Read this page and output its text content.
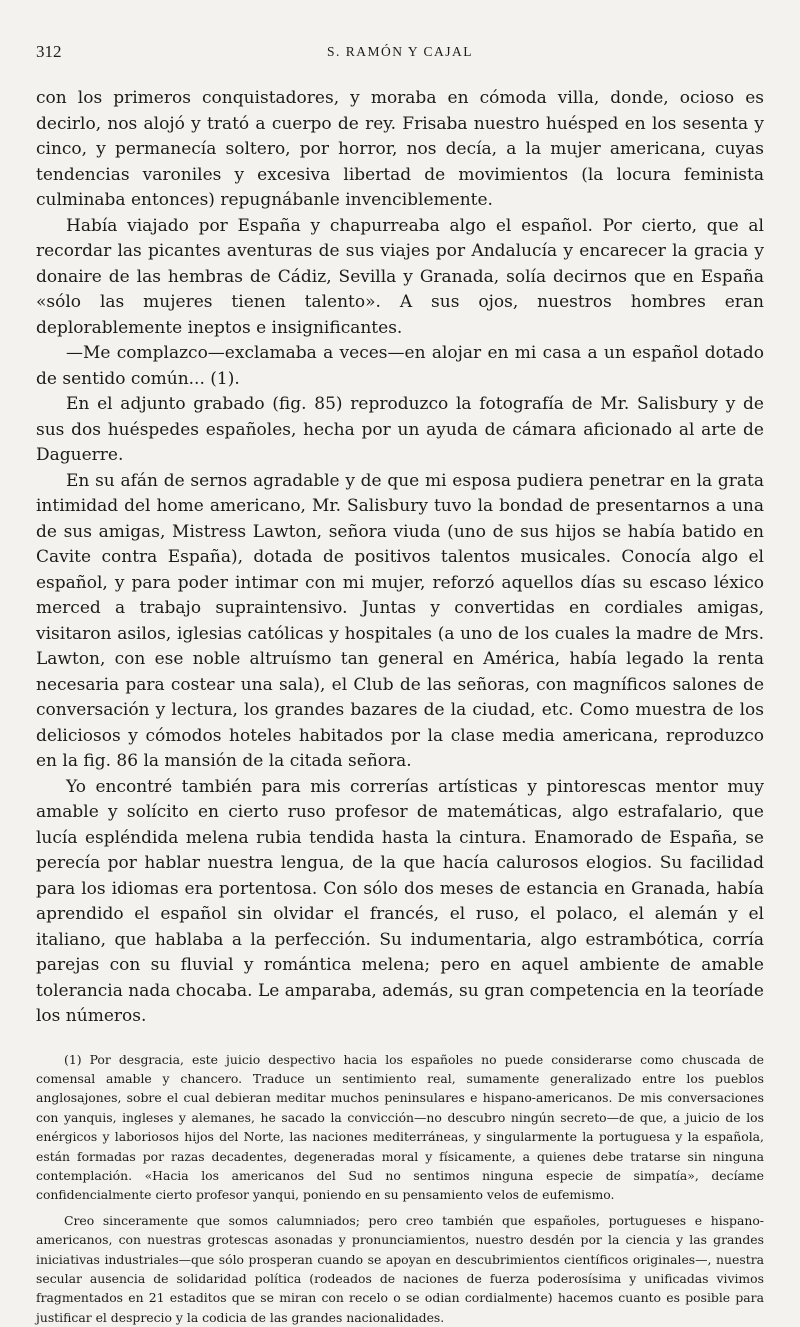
312	S. RAMÓN Y CAJAL

con los primeros conquistadores, y moraba en cómoda villa, donde, ocioso es decirlo, nos alojó y trató a cuerpo de rey. Frisaba nuestro huésped en los sesenta y cinco, y permanecía soltero, por horror, nos decía, a la mujer americana, cuyas tendencias varoniles y excesiva libertad de movimientos (la locura feminista culminaba entonces) repugnábanle invenciblemente.

Había viajado por España y chapurreaba algo el español. Por cierto, que al recordar las picantes aventuras de sus viajes por Andalucía y encarecer la gracia y donaire de las hembras de Cádiz, Sevilla y Granada, solía decirnos que en España «sólo las mujeres tienen talento». A sus ojos, nuestros hombres eran deplorablemente ineptos e insignificantes.

—Me complazco—exclamaba a veces—en alojar en mi casa a un español dotado de sentido común... (1).

En el adjunto grabado (fig. 85) reproduzco la fotografía de Mr. Salisbury y de sus dos huéspedes españoles, hecha por un ayuda de cámara aficionado al arte de Daguerre.

En su afán de sernos agradable y de que mi esposa pudiera penetrar en la grata intimidad del home americano, Mr. Salisbury tuvo la bondad de presentarnos a una de sus amigas, Mistress Lawton, señora viuda (uno de sus hijos se había batido en Cavite contra España), dotada de positivos talentos musicales. Conocía algo el español, y para poder intimar con mi mujer, reforzó aquellos días su escaso léxico merced a trabajo supraintensivo. Juntas y convertidas en cordiales amigas, visitaron asilos, iglesias católicas y hospitales (a uno de los cuales la madre de Mrs. Lawton, con ese noble altruísmo tan general en América, había legado la renta necesaria para costear una sala), el Club de las señoras, con magníficos salones de conversación y lectura, los grandes bazares de la ciudad, etc. Como muestra de los deliciosos y cómodos hoteles habitados por la clase media americana, reproduzco en la fig. 86 la mansión de la citada señora.

Yo encontré también para mis correrías artísticas y pintorescas mentor muy amable y solícito en cierto ruso profesor de matemáticas, algo estrafalario, que lucía espléndida melena rubia tendida hasta la cintura. Enamorado de España, se perecía por hablar nuestra lengua, de la que hacía calurosos elogios. Su facilidad para los idiomas era portentosa. Con sólo dos meses de estancia en Granada, había aprendido el español sin olvidar el francés, el ruso, el polaco, el alemán y el italiano, que hablaba a la perfección. Su indumentaria, algo estrambótica, corría parejas con su fluvial y romántica melena; pero en aquel ambiente de amable tolerancia nada chocaba. Le amparaba, además, su gran competencia en la teoríade los números.

(1) Por desgracia, este juicio despectivo hacia los españoles no puede considerarse como chuscada de comensal amable y chancero. Traduce un sentimiento real, sumamente generalizado entre los pueblos anglosajones, sobre el cual debieran meditar muchos peninsulares e hispano-americanos. De mis conversaciones con yanquis, ingleses y alemanes, he sacado la convicción—no descubro ningún secreto—de que, a juicio de los enérgicos y laboriosos hijos del Norte, las naciones mediterráneas, y singularmente la portuguesa y la española, están formadas por razas decadentes, degeneradas moral y físicamente, a quienes debe tratarse sin ninguna contemplación. «Hacia los americanos del Sud no sentimos ninguna especie de simpatía», decíame confidencialmente cierto profesor yanqui, poniendo en su pensamiento velos de eufemismo.

Creo sinceramente que somos calumniados; pero creo también que españoles, portugueses e hispano-americanos, con nuestras grotescas asonadas y pronunciamientos, nuestro desdén por la ciencia y las grandes iniciativas industriales—que sólo prosperan cuando se apoyan en descubrimientos científicos originales—, nuestra secular ausencia de solidaridad política (rodeados de naciones de fuerza poderosísima y unificadas vivimos fragmentados en 21 estaditos que se miran con recelo o se odian cordialmente) hacemos cuanto es posible para justificar el desprecio y la codicia de las grandes nacionalidades.
